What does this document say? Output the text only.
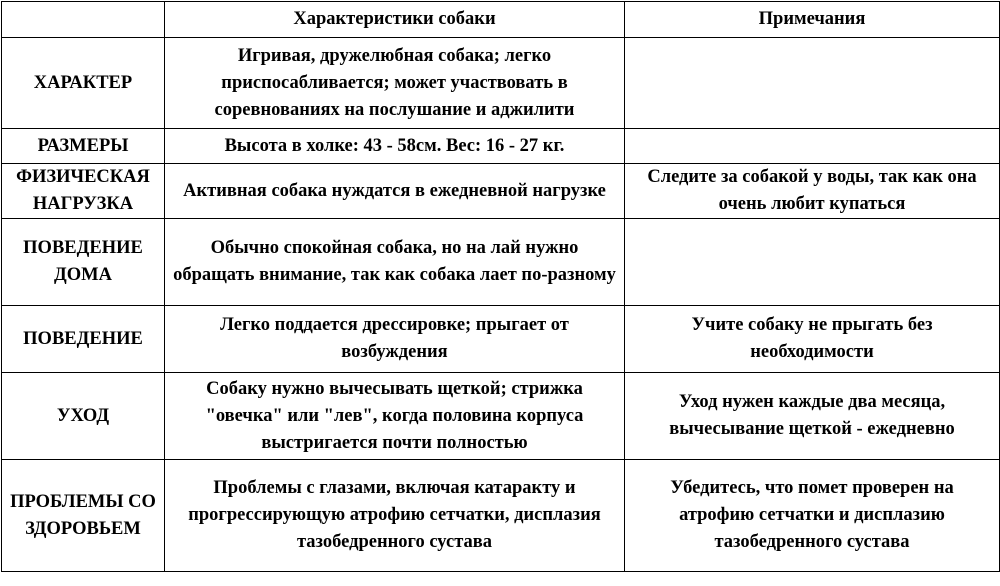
	Характеристики собаки	Примечания
ХАРАКТЕР	Игривая, дружелюбная собака; легко приспосабливается; может участвовать в соревнованиях на послушание и аджилити	
РАЗМЕРЫ	Высота в холке: 43 - 58см. Вес: 16 - 27 кг.	
ФИЗИЧЕСКАЯ НАГРУЗКА	Активная собака нуждатся в ежедневной нагрузке	Следите за собакой у воды, так как она очень любит купаться
ПОВЕДЕНИЕ ДОМА	Обычно спокойная собака, но на лай нужно обращать внимание, так как собака лает по-разному	
ПОВЕДЕНИЕ	Легко поддается дрессировке; прыгает от возбуждения	Учите собаку не прыгать без необходимости
УХОД	Собаку нужно вычесывать щеткой; стрижка "овечка" или "лев", когда половина корпуса выстригается почти полностью	Уход нужен каждые два месяца, вычесывание щеткой - ежедневно
ПРОБЛЕМЫ СО ЗДОРОВЬЕМ	Проблемы с глазами, включая катаракту и прогрессирующую атрофию сетчатки, дисплазия тазобедренного сустава	Убедитесь, что помет проверен на атрофию сетчатки и дисплазию тазобедренного сустава
